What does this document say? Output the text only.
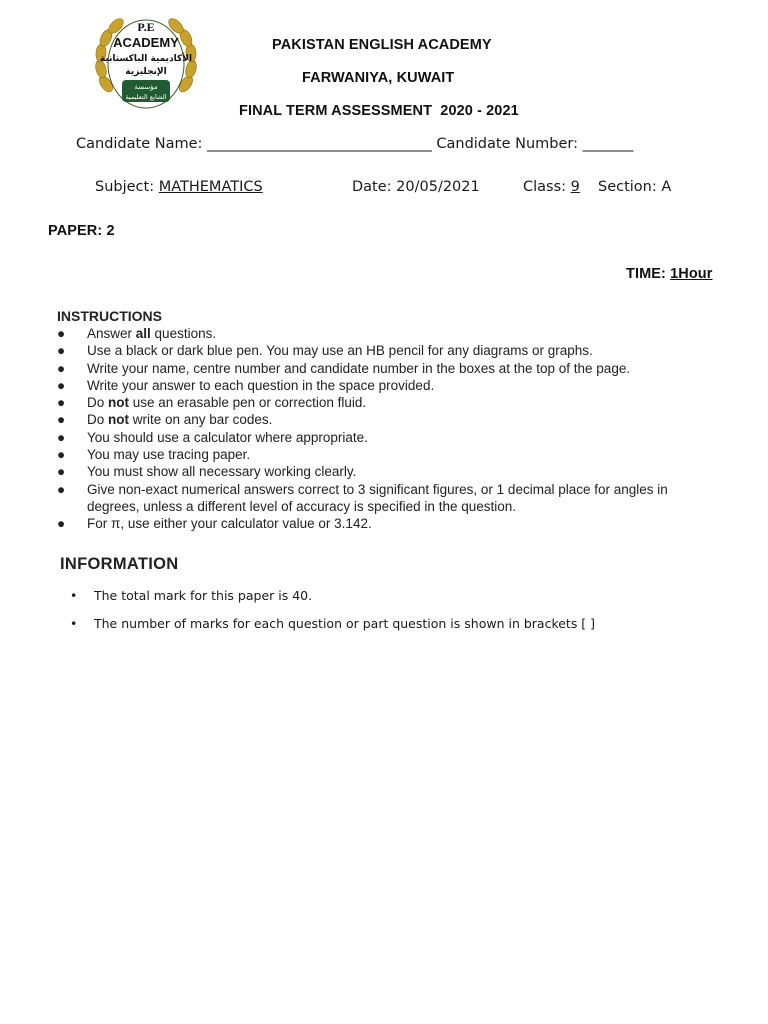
P.E
ACADEMY
الأكاديمية الباكستانية
الإنجليزية
مؤسسة
الشايع التعليمية
PAKISTAN ENGLISH ACADEMY
FARWANIYA, KUWAIT
FINAL TERM ASSESSMENT  2020 - 2021
Candidate Name: _______________________________ Candidate Number: _______
Subject: MATHEMATICS	Date: 20/05/2021	Class: 9 Section: A
PAPER: 2
TIME: 1Hour
INSTRUCTIONS
● Answer all questions.
● Use a black or dark blue pen. You may use an HB pencil for any diagrams or graphs.
● Write your name, centre number and candidate number in the boxes at the top of the page.
● Write your answer to each question in the space provided.
● Do not use an erasable pen or correction fluid.
● Do not write on any bar codes.
● You should use a calculator where appropriate.
● You may use tracing paper.
● You must show all necessary working clearly.
● Give non-exact numerical answers correct to 3 significant figures, or 1 decimal place for angles in degrees, unless a different level of accuracy is specified in the question.
● For π, use either your calculator value or 3.142.
INFORMATION
• The total mark for this paper is 40.
• The number of marks for each question or part question is shown in brackets [ ]
